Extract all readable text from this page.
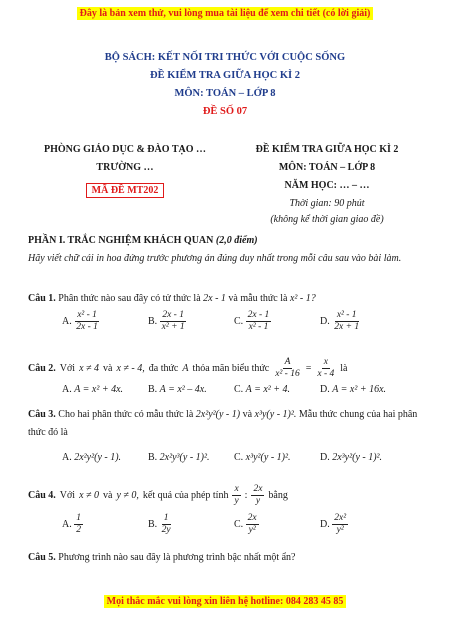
Đây là bản xem thử, vui lòng mua tài liệu để xem chi tiết (có lời giải)
BỘ SÁCH: KẾT NỐI TRI THỨC VỚI CUỘC SỐNG
ĐỀ KIỂM TRA GIỮA HỌC KÌ 2
MÔN: TOÁN – LỚP 8
ĐỀ SỐ 07
PHÒNG GIÁO DỤC & ĐÀO TẠO …
TRƯỜNG …
MÃ ĐỀ MT202
ĐỀ KIỂM TRA GIỮA HỌC KÌ 2
MÔN: TOÁN – LỚP 8
NĂM HỌC: … – …
Thời gian: 90 phút
(không kể thời gian giao đề)
PHẦN I. TRẮC NGHIỆM KHÁCH QUAN (2,0 điểm)
Hãy viết chữ cái in hoa đứng trước phương án đúng duy nhất trong mỗi câu sau vào bài làm.
Câu 1. Phân thức nào sau đây có tử thức là 2x - 1 và mẫu thức là x² - 1?
A. $\frac{\text{x² - 1}}{2x - 1}$	B. $\frac{2x - 1}{\text{x² + 1}}$	C. $\frac{2x - 1}{\text{x² - 1}}$	D. $\frac{\text{x² - 1}}{2x + 1}$
Câu 2. Với x ≠ 4 và x ≠ - 4, đa thức A thỏa mãn biểu thức $\frac{A}{\text{x² - 16}} = \frac{x}{x - 4}$ là
A. A = x² + 4x. B. A = x² – 4x.	C. A = x² + 4.	D. A = x² + 16x.
Câu 3. Cho hai phân thức có mẫu thức là 2x²y²(y - 1) và x³y(y - 1)². Mẫu thức chung của hai phân thức đó là
A. 2x²y²(y - 1).	B. 2x²y³(y - 1)². C. x³y²(y - 1)².	D. 2x³y²(y - 1)².
Câu 4. Với x ≠ 0 và y ≠ 0, kết quả của phép tính $\frac{x}{y}$ : $\frac{2x}{y}$ bằng
A. $\frac{1}{2}$	B. $\frac{1}{2y}$	C. $\frac{2x}{\text{y²}}$	D. $\frac{\text{2x²}}{\text{y²}}$
Câu 5. Phương trình nào sau đây là phương trình bậc nhất một ẩn?
Mọi thắc mắc vui lòng xin liên hệ hotline: 084 283 45 85
